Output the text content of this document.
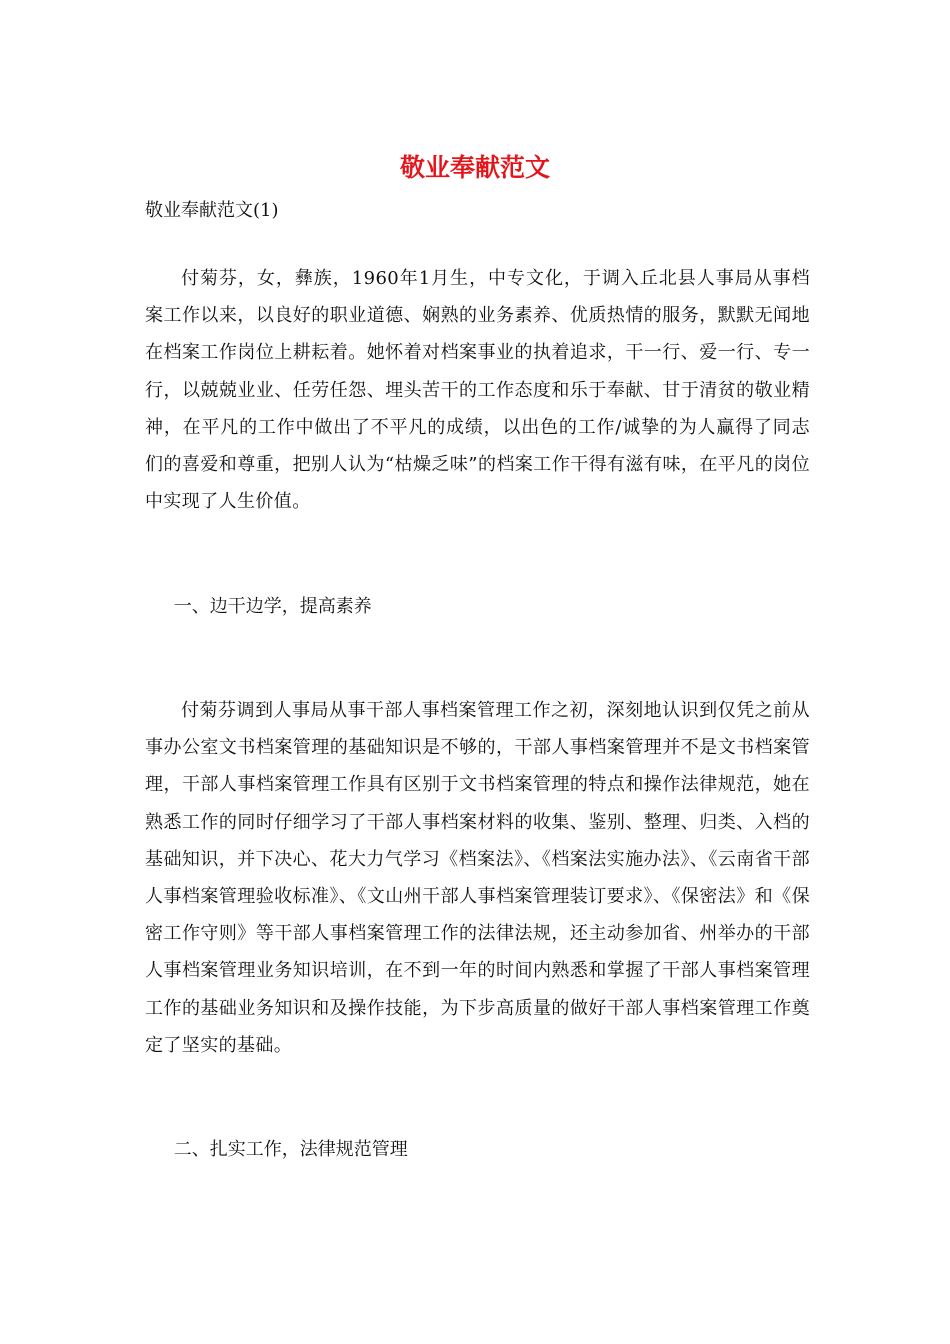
敬业奉献范文

敬业奉献范文(1)

付菊芬，女，彝族，1960年1月生，中专文化，于调入丘北县人事局从事档案工作以来，以良好的职业道德、娴熟的业务素养、优质热情的服务，默默无闻地在档案工作岗位上耕耘着。她怀着对档案事业的执着追求，干一行、爱一行、专一行，以兢兢业业、任劳任怨、埋头苦干的工作态度和乐于奉献、甘于清贫的敬业精神，在平凡的工作中做出了不平凡的成绩，以出色的工作/诚挚的为人赢得了同志们的喜爱和尊重，把别人认为“枯燥乏味”的档案工作干得有滋有味，在平凡的岗位中实现了人生价值。

一、边干边学，提高素养

付菊芬调到人事局从事干部人事档案管理工作之初，深刻地认识到仅凭之前从事办公室文书档案管理的基础知识是不够的，干部人事档案管理并不是文书档案管理，干部人事档案管理工作具有区别于文书档案管理的特点和操作法律规范，她在熟悉工作的同时仔细学习了干部人事档案材料的收集、鉴别、整理、归类、入档的基础知识，并下决心、花大力气学习《档案法》、《档案法实施办法》、《云南省干部人事档案管理验收标准》、《文山州干部人事档案管理装订要求》、《保密法》和《保密工作守则》等干部人事档案管理工作的法律法规，还主动参加省、州举办的干部人事档案管理业务知识培训，在不到一年的时间内熟悉和掌握了干部人事档案管理工作的基础业务知识和及操作技能，为下步高质量的做好干部人事档案管理工作奠定了坚实的基础。

二、扎实工作，法律规范管理
